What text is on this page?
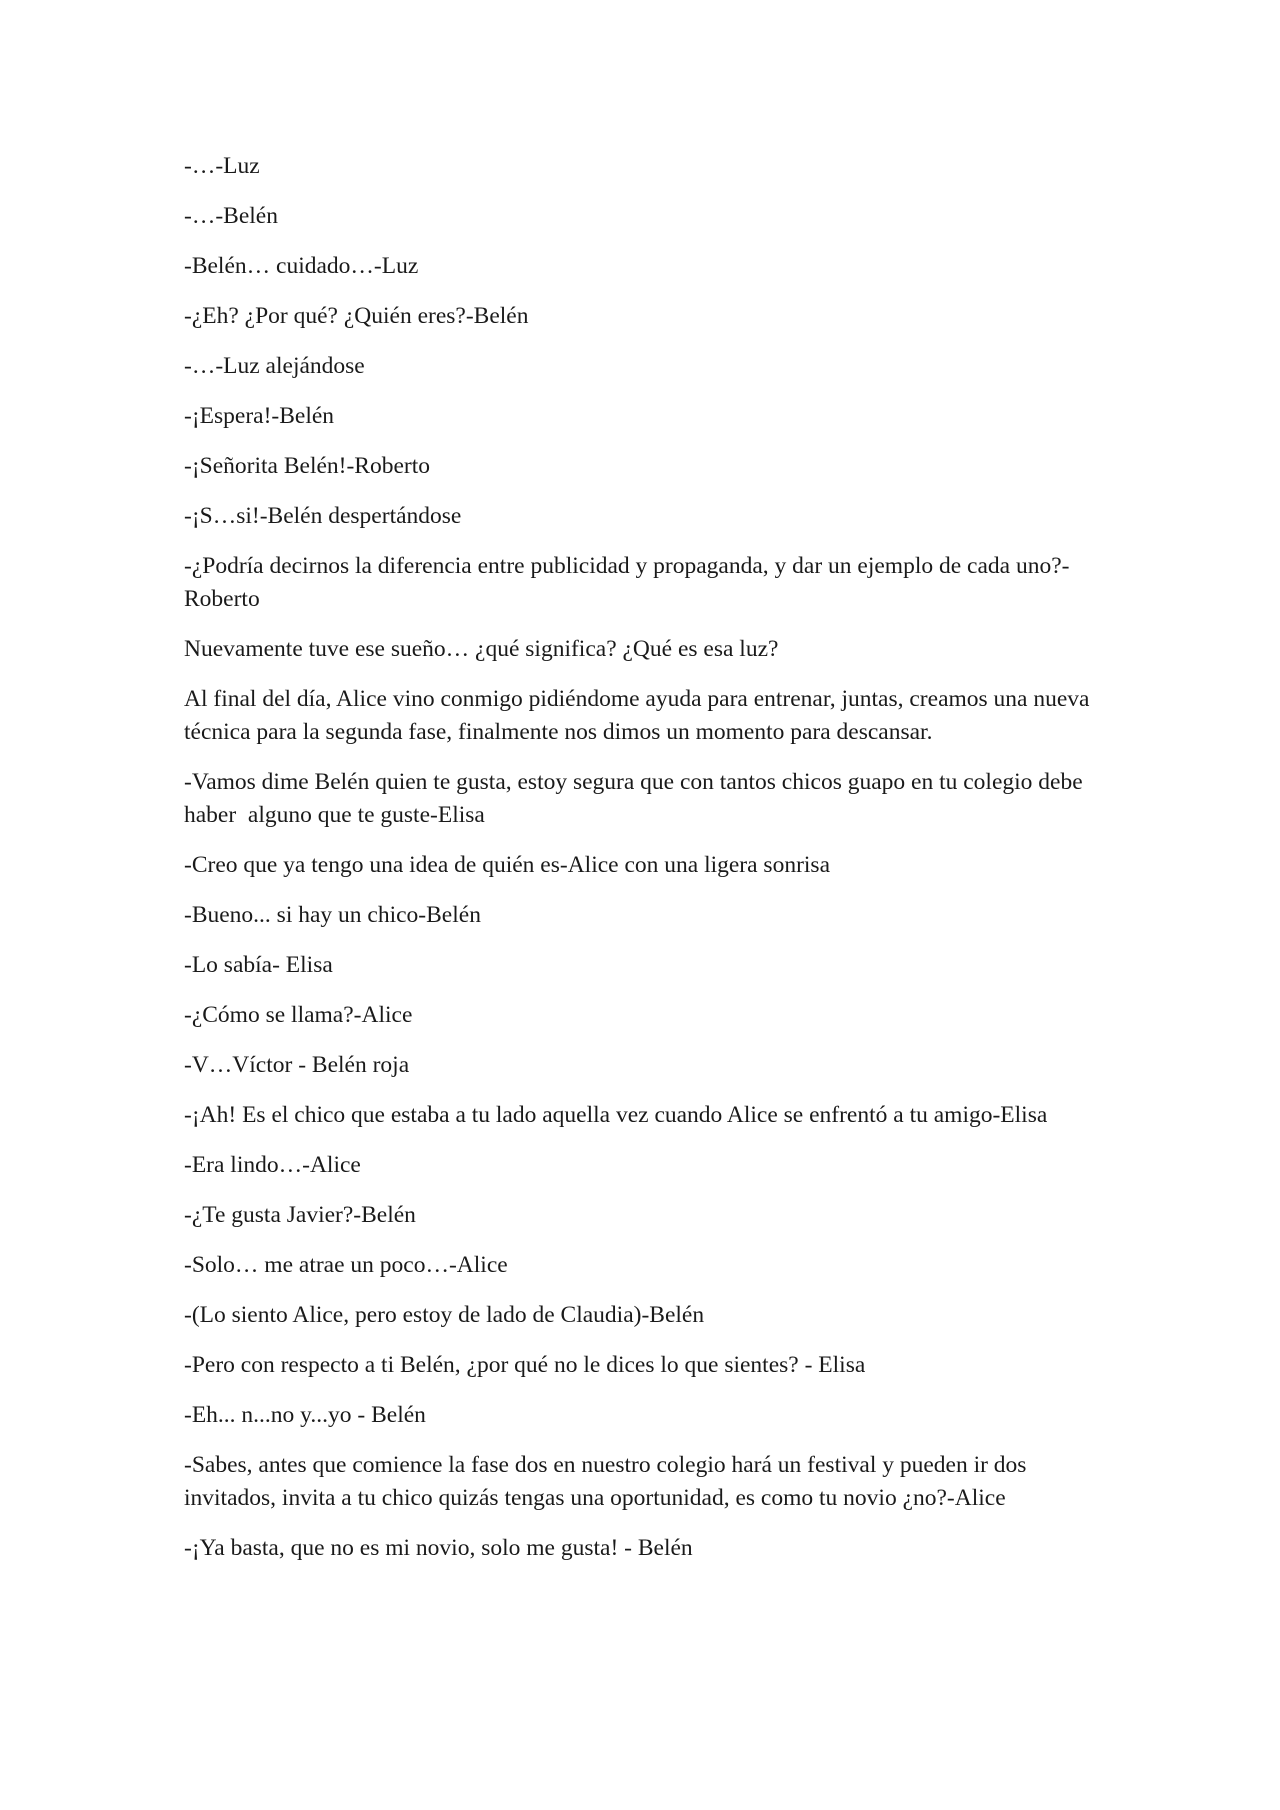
-…-Luz

-…-Belén

-Belén… cuidado…-Luz

-¿Eh? ¿Por qué? ¿Quién eres?-Belén

-…-Luz alejándose

-¡Espera!-Belén

-¡Señorita Belén!-Roberto

-¡S…si!-Belén despertándose

-¿Podría decirnos la diferencia entre publicidad y propaganda, y dar un ejemplo de cada uno?-Roberto

Nuevamente tuve ese sueño… ¿qué significa? ¿Qué es esa luz?

Al final del día, Alice vino conmigo pidiéndome ayuda para entrenar, juntas, creamos una nueva técnica para la segunda fase, finalmente nos dimos un momento para descansar.

-Vamos dime Belén quien te gusta, estoy segura que con tantos chicos guapo en tu colegio debe haber  alguno que te guste-Elisa

-Creo que ya tengo una idea de quién es-Alice con una ligera sonrisa

-Bueno... si hay un chico-Belén

-Lo sabía- Elisa

-¿Cómo se llama?-Alice

-V…Víctor - Belén roja

-¡Ah! Es el chico que estaba a tu lado aquella vez cuando Alice se enfrentó a tu amigo-Elisa

-Era lindo…-Alice

-¿Te gusta Javier?-Belén

-Solo… me atrae un poco…-Alice

-(Lo siento Alice, pero estoy de lado de Claudia)-Belén

-Pero con respecto a ti Belén, ¿por qué no le dices lo que sientes? - Elisa

-Eh... n...no y...yo - Belén

-Sabes, antes que comience la fase dos en nuestro colegio hará un festival y pueden ir dos invitados, invita a tu chico quizás tengas una oportunidad, es como tu novio ¿no?-Alice

-¡Ya basta, que no es mi novio, solo me gusta! - Belén
